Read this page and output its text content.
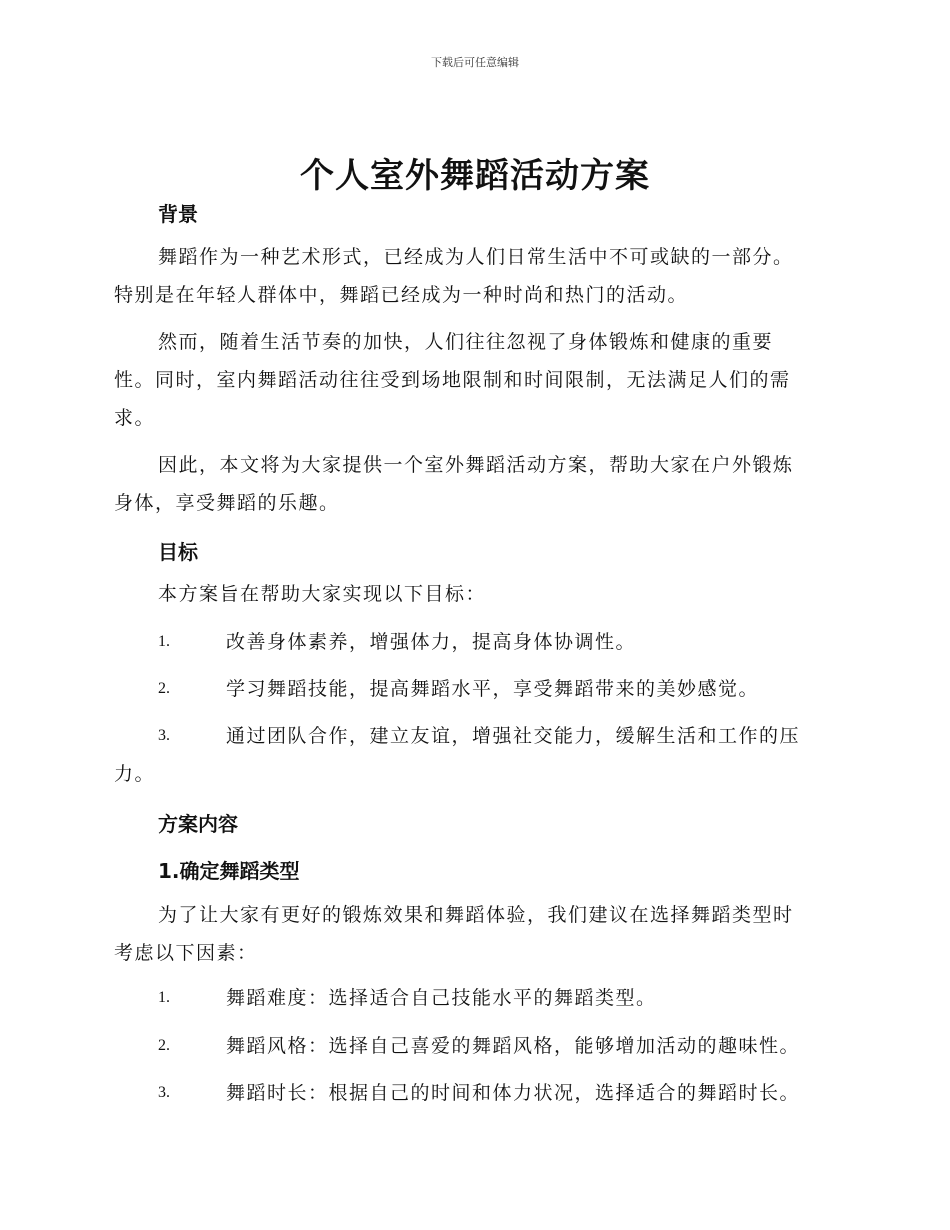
下载后可任意编辑
个人室外舞蹈活动方案
背景
舞蹈作为一种艺术形式，已经成为人们日常生活中不可或缺的一部分。
特别是在年轻人群体中，舞蹈已经成为一种时尚和热门的活动。
然而，随着生活节奏的加快，人们往往忽视了身体锻炼和健康的重要
性。同时，室内舞蹈活动往往受到场地限制和时间限制，无法满足人们的需
求。
因此，本文将为大家提供一个室外舞蹈活动方案，帮助大家在户外锻炼
身体，享受舞蹈的乐趣。
目标
本方案旨在帮助大家实现以下目标：
1.	改善身体素养，增强体力，提高身体协调性。
2.	学习舞蹈技能，提高舞蹈水平，享受舞蹈带来的美妙感觉。
3.	通过团队合作，建立友谊，增强社交能力，缓解生活和工作的压
力。
方案内容
1.确定舞蹈类型
为了让大家有更好的锻炼效果和舞蹈体验，我们建议在选择舞蹈类型时
考虑以下因素：
1.	舞蹈难度：选择适合自己技能水平的舞蹈类型。
2.	舞蹈风格：选择自己喜爱的舞蹈风格，能够增加活动的趣味性。
3.	舞蹈时长：根据自己的时间和体力状况，选择适合的舞蹈时长。
